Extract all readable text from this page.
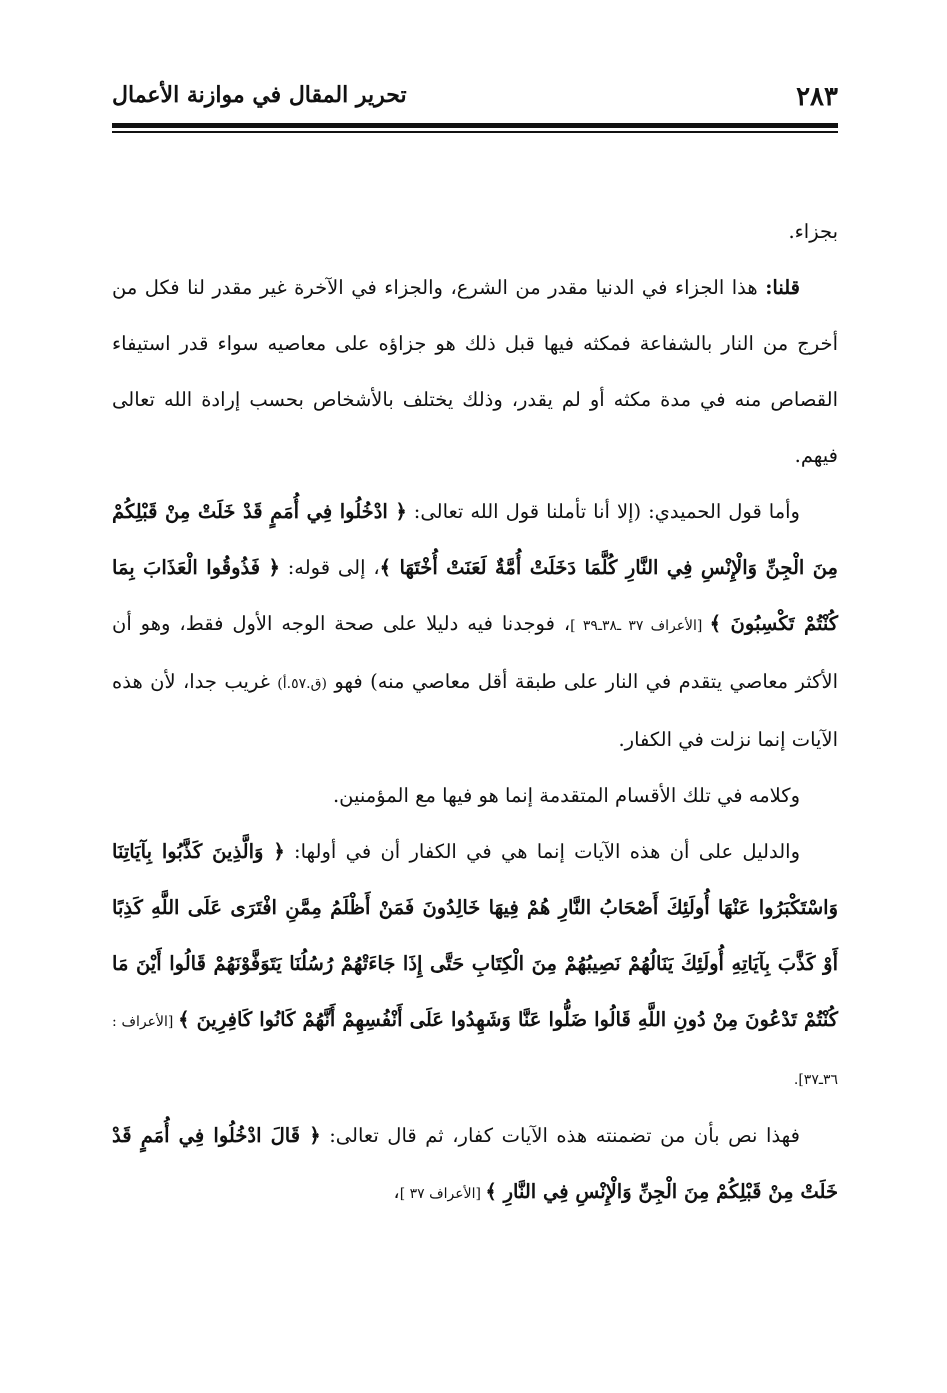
٢٨٣
تحرير المقال في موازنة الأعمال

بجزاء.

قلنا: هذا الجزاء في الدنيا مقدر من الشرع، والجزاء في الآخرة غير مقدر لنا فكل من أخرج من النار بالشفاعة فمكثه فيها قبل ذلك هو جزاؤه على معاصيه سواء قدر استيفاء القصاص منه في مدة مكثه أو لم يقدر، وذلك يختلف بالأشخاص بحسب إرادة الله تعالى فيهم.

وأما قول الحميدي: (إلا أنا تأملنا قول الله تعالى: ﴿ ادْخُلُوا فِي أُمَمٍ قَدْ خَلَتْ مِنْ قَبْلِكُمْ مِنَ الْجِنِّ وَالْإِنْسِ فِي النَّارِ كُلَّمَا دَخَلَتْ أُمَّةٌ لَعَنَتْ أُخْتَهَا ﴾، إلى قوله: ﴿ فَذُوقُوا الْعَذَابَ بِمَا كُنْتُمْ تَكْسِبُونَ ﴾ [الأعراف ٣٧ ـ٣٨ـ٣٩ ]، فوجدنا فيه دليلا على صحة الوجه الأول فقط، وهو أن الأكثر معاصي يتقدم في النار على طبقة أقل معاصي منه) فهو (ق.٥٧.أ) غريب جدا، لأن هذه الآيات إنما نزلت في الكفار.

وكلامه في تلك الأقسام المتقدمة إنما هو فيها مع المؤمنين.

والدليل على أن هذه الآيات إنما هي في الكفار أن في أولها: ﴿ وَالَّذِينَ كَذَّبُوا بِآيَاتِنَا وَاسْتَكْبَرُوا عَنْهَا أُولَئِكَ أَصْحَابُ النَّارِ هُمْ فِيهَا خَالِدُونَ فَمَنْ أَظْلَمُ مِمَّنِ افْتَرَى عَلَى اللَّهِ كَذِبًا أَوْ كَذَّبَ بِآيَاتِهِ أُولَئِكَ يَنَالُهُمْ نَصِيبُهُمْ مِنَ الْكِتَابِ حَتَّى إِذَا جَاءَتْهُمْ رُسُلُنَا يَتَوَفَّوْنَهُمْ قَالُوا أَيْنَ مَا كُنْتُمْ تَدْعُونَ مِنْ دُونِ اللَّهِ قَالُوا ضَلُّوا عَنَّا وَشَهِدُوا عَلَى أَنْفُسِهِمْ أَنَّهُمْ كَانُوا كَافِرِينَ ﴾ [الأعراف : ٣٦ـ٣٧].

فهذا نص بأن من تضمنته هذه الآيات كفار، ثم قال تعالى: ﴿ قَالَ ادْخُلُوا فِي أُمَمٍ قَدْ خَلَتْ مِنْ قَبْلِكُمْ مِنَ الْجِنِّ وَالْإِنْسِ فِي النَّارِ ﴾ [الأعراف ٣٧ ]،
